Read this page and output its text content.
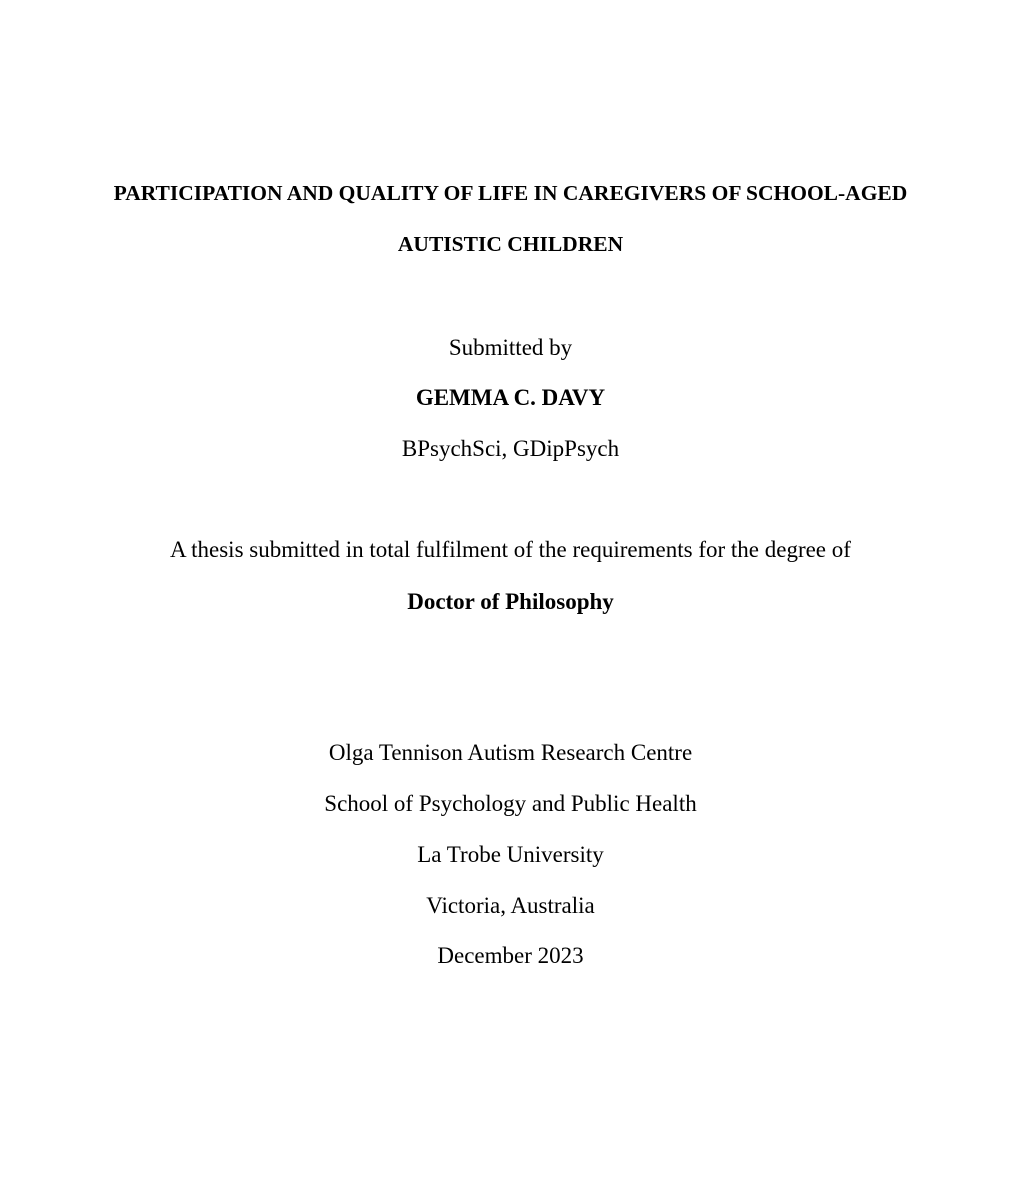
PARTICIPATION AND QUALITY OF LIFE IN CAREGIVERS OF SCHOOL-AGED
AUTISTIC CHILDREN
Submitted by
GEMMA C. DAVY
BPsychSci, GDipPsych
A thesis submitted in total fulfilment of the requirements for the degree of
Doctor of Philosophy
Olga Tennison Autism Research Centre
School of Psychology and Public Health
La Trobe University
Victoria, Australia
December 2023
